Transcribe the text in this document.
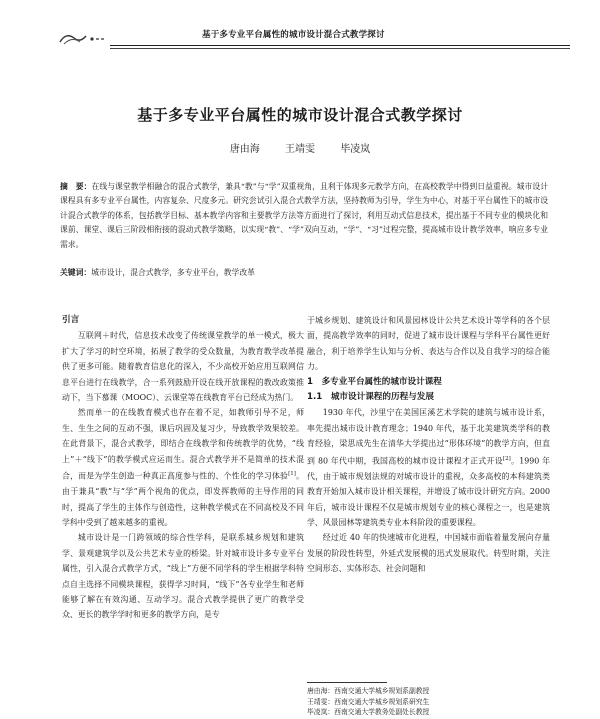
基于多专业平台属性的城市设计混合式教学探讨
基于多专业平台属性的城市设计混合式教学探讨
唐由海	王靖雯	毕凌岚
摘　要：在线与课堂教学相融合的混合式教学，兼具“教”与“学”双重视角，且利于体现多元教学方向，在高校教学中得到日益重视。城市设计课程具有多专业平台属性，内容复杂、尺度多元。研究尝试引入混合式教学方法，坚持教师为引导，学生为中心，对基于平台属性下的城市设计混合式教学的体系，包括教学目标、基本教学内容和主要教学方法等方面进行了探讨，利用互动式信息技术，提出基于不同专业的模块化和课前、课堂、课后三阶段相衔接的混动式教学策略，以实现“教”、“学”双向互动，“学”、“习”过程完整，提高城市设计教学效率，响应多专业需求。
关键词：城市设计，混合式教学，多专业平台，教学改革

引言

互联网＋时代，信息技术改变了传统课堂教学的单一模式，极大扩大了学习的时空环境，拓展了教学的受众数量，为教育教学改革提供了更多可能。随着教育信息化的深入，不少高校开始应用互联网信息平台进行在线教学，合一系列鼓励开设在线开放课程的教改政策推动下，当下慕课（MOOC）、云课堂等在线教育平台已经成为热门。

然而单一的在线教育模式也存在着不足，如教师引导不足，师生、生生之间的互动不强，课后巩固及复习少，导致教学效果较差。在此背景下，混合式教学，即结合在线教学和传统教学的优势，“线上”＋“线下”的教学模式应运而生。混合式教学并不是简单的技术混合，而是为学生创造一种真正高度参与性的、个性化的学习体验[1]。由于兼具“教”与“学”两个视角的优点，即发挥教师的主导作用的同时，提高了学生的主体作与创造性，这种教学模式在不同高校及不同学科中受到了越来越多的重视。

城市设计是一门跨领域的综合性学科，是联系城乡规划和建筑学、景观建筑学以及公共艺术专业的桥梁。针对城市设计多专业平台属性，引入混合式教学方式，“线上”方便不同学科的学生根据学科特点自主选择不同模块课程，获得学习时间，“线下”各专业学生和老师能够了解在有效沟通、互动学习。混合式教学提供了更广的教学受众、更长的教学学时和更多的教学方向，是专

于城乡规划、建筑设计和风景园林设计公共艺术设计等学科的各个层面，提高教学效率的同时，促进了城市设计课程与学科平台属性更好融合，利于培养学生认知与分析、表达与合作以及自我学习的综合能力。

1　多专业平台属性的城市设计课程

1.1　城市设计课程的历程与发展

1930 年代，沙里宁在美国匡溪艺术学院的建筑与城市设计系，率先提出城市设计教育理念；1940 年代，基于北美建筑类学科的教育经验，梁思成先生在清华大学提出过“形体环境”的教学方向，但直到 80 年代中期，我国高校的城市设计课程才正式开设[2]。1990 年代，由于城市规划法规的对城市设计的重视，众多高校的本科建筑类教育开始加入城市设计相关课程，并增设了城市设计研究方向。2000 年后，城市设计课程不仅是城市规划专业的核心课程之一，也是建筑学、风景园林等建筑类专业本科阶段的重要课程。

经过近 40 年的快速城市化进程，中国城市面临着量发展向存量发展的阶段性转型，外延式发展模的迅式发展取代。转型时期，关注空间形态、实体形态、社会问题和

唐由海：西南交通大学城乡规划系副教授
王靖雯：西南交通大学城乡规划系研究生
毕凌岚：西南交通大学教务处副处长教授
